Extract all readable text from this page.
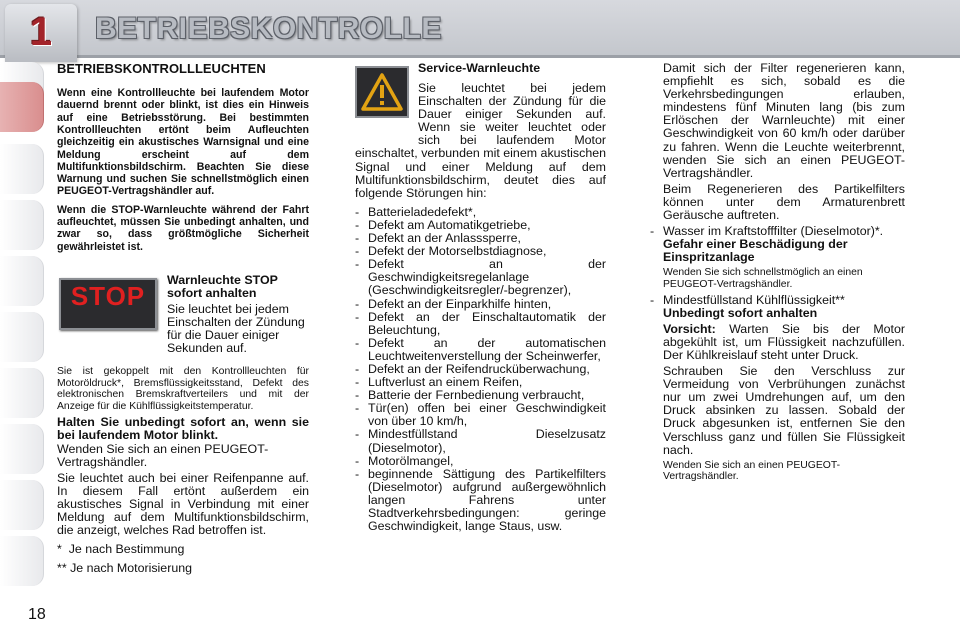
1	BETRIEBSKONTROLLE
BETRIEBSKONTROLLLEUCHTEN
Wenn eine Kontrollleuchte bei laufendem Motor dauernd brennt oder blinkt, ist dies ein Hinweis auf eine Betriebsstörung. Bei bestimmten Kontrollleuchten ertönt beim Aufleuchten gleichzeitig ein akustisches Warnsignal und eine Meldung erscheint auf dem Multifunktionsbildschirm. Beachten Sie diese Warnung und suchen Sie schnellstmöglich einen PEUGEOT-Vertragshändler auf.
Wenn die STOP-Warnleuchte während der Fahrt aufleuchtet, müssen Sie unbedingt anhalten, und zwar so, dass größtmögliche Sicherheit gewährleistet ist.
STOP
Warnleuchte STOP sofort anhalten
Sie leuchtet bei jedem Einschalten der Zündung für die Dauer einiger Sekunden auf.
Sie ist gekoppelt mit den Kontrollleuchten für Motoröldruck*, Bremsflüssigkeitsstand, Defekt des elektronischen Bremskraftverteilers und mit der Anzeige für die Kühlflüssigkeitstemperatur.
Halten Sie unbedingt sofort an, wenn sie bei laufendem Motor blinkt.
Wenden Sie sich an einen PEUGEOT-Vertragshändler.
Sie leuchtet auch bei einer Reifenpanne auf. In diesem Fall ertönt außerdem ein akustisches Signal in Verbindung mit einer Meldung auf dem Multifunktionsbildschirm, die anzeigt, welches Rad betroffen ist.
*  Je nach Bestimmung
** Je nach Motorisierung
Service-Warnleuchte
Sie leuchtet bei jedem Einschalten der Zündung für die Dauer einiger Sekunden auf. Wenn sie weiter leuchtet oder sich bei laufendem Motor einschaltet, verbunden mit einem akustischen Signal und einer Meldung auf dem Multifunktionsbildschirm, deutet dies auf folgende Störungen hin:
- Batterieladedefekt*,
- Defekt am Automatikgetriebe,
- Defekt an der Anlasssperre,
- Defekt der Motorselbstdiagnose,
- Defekt an der Geschwindigkeitsregelanlage (Geschwindigkeitsregler/-begrenzer),
- Defekt an der Einparkhilfe hinten,
- Defekt an der Einschaltautomatik der Beleuchtung,
- Defekt an der automatischen Leuchtweitenverstellung der Scheinwerfer,
- Defekt an der Reifendrucküberwachung,
- Luftverlust an einem Reifen,
- Batterie der Fernbedienung verbraucht,
- Tür(en) offen bei einer Geschwindigkeit von über 10 km/h,
- Mindestfüllstand Dieselzusatz (Dieselmotor),
- Motorölmangel,
- beginnende Sättigung des Partikelfilters (Dieselmotor) aufgrund außergewöhnlich langen Fahrens unter Stadtverkehrsbedingungen: geringe Geschwindigkeit, lange Staus, usw.
Damit sich der Filter regenerieren kann, empfiehlt es sich, sobald es die Verkehrsbedingungen erlauben, mindestens fünf Minuten lang (bis zum Erlöschen der Warnleuchte) mit einer Geschwindigkeit von 60 km/h oder darüber zu fahren. Wenn die Leuchte weiterbrennt, wenden Sie sich an einen PEUGEOT-Vertragshändler.
Beim Regenerieren des Partikelfilters können unter dem Armaturenbrett Geräusche auftreten.
- Wasser im Kraftstofffilter (Dieselmotor)*.
Gefahr einer Beschädigung der Einspritzanlage
Wenden Sie sich schnellstmöglich an einen PEUGEOT-Vertragshändler.
- Mindestfüllstand Kühlflüssigkeit**
Unbedingt sofort anhalten
Vorsicht: Warten Sie bis der Motor abgekühlt ist, um Flüssigkeit nachzufüllen. Der Kühlkreislauf steht unter Druck.
Schrauben Sie den Verschluss zur Vermeidung von Verbrühungen zunächst nur um zwei Umdrehungen auf, um den Druck absinken zu lassen. Sobald der Druck abgesunken ist, entfernen Sie den Verschluss ganz und füllen Sie Flüssigkeit nach.
Wenden Sie sich an einen PEUGEOT-Vertragshändler.
18
